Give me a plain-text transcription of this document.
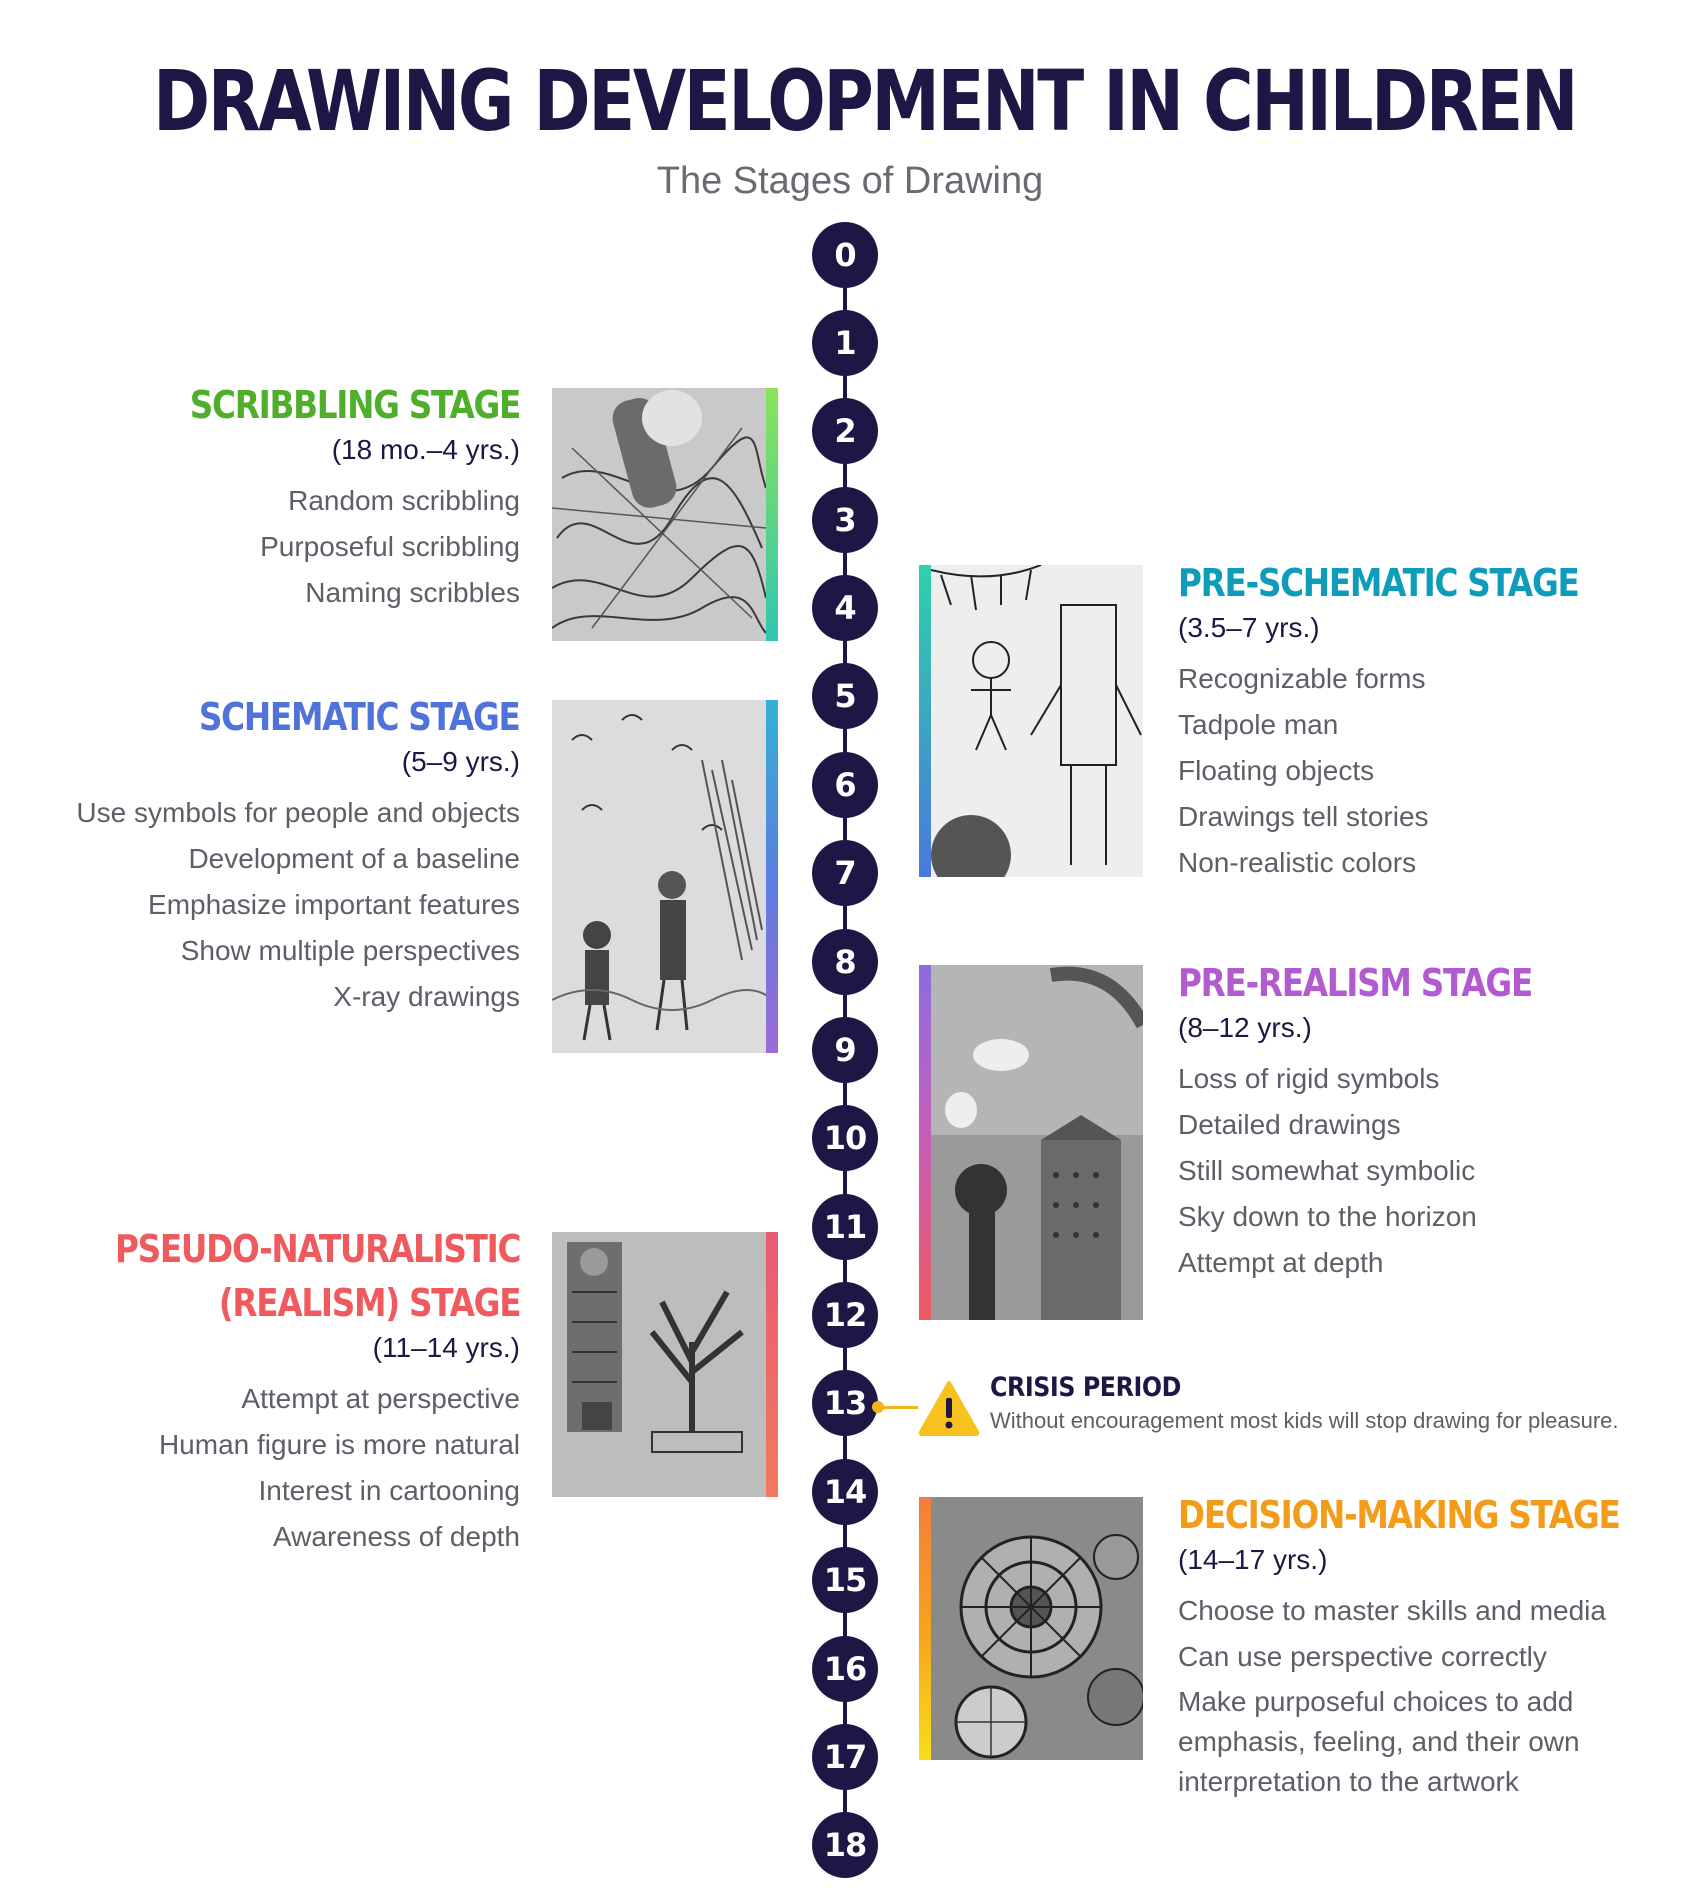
DRAWING DEVELOPMENT IN CHILDREN
The Stages of Drawing
0
1
2
3
4
5
6
7
8
9
10
11
12
13
14
15
16
17
18
SCRIBBLING STAGE
(18 mo.–4 yrs.)
Random scribbling
Purposeful scribbling
Naming scribbles	PRE-SCHEMATIC STAGE
(3.5–7 yrs.)
Recognizable forms
Tadpole man
Floating objects
Drawings tell stories
Non-realistic colors
SCHEMATIC STAGE
(5–9 yrs.)
Use symbols for people and objects
Development of a baseline
Emphasize important features
Show multiple perspectives
X-ray drawings	PRE-REALISM STAGE
(8–12 yrs.)
Loss of rigid symbols
Detailed drawings
Still somewhat symbolic
Sky down to the horizon
Attempt at depth
PSEUDO-NATURALISTIC
(REALISM) STAGE
(11–14 yrs.)
Attempt at perspective
Human figure is more natural
Interest in cartooning
Awareness of depth
CRISIS PERIOD
Without encouragement most kids will stop drawing for pleasure.
DECISION-MAKING STAGE
(14–17 yrs.)
Choose to master skills and media
Can use perspective correctly
Make purposeful choices to add
emphasis, feeling, and their own
interpretation to the artwork
